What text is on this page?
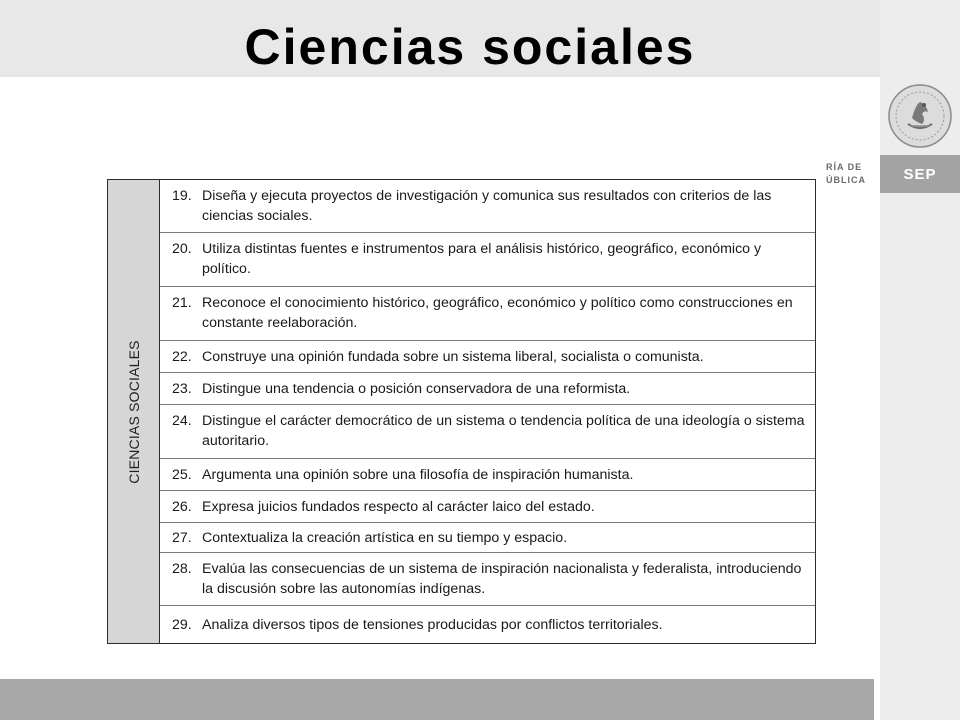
Ciencias sociales
RÍA DE
ÚBLICA	SEP
CIENCIAS SOCIALES
19. Diseña y ejecuta proyectos de investigación y comunica sus resultados con criterios de las ciencias sociales.
20. Utiliza distintas fuentes e instrumentos para el análisis histórico, geográfico, económico y político.
21. Reconoce el conocimiento histórico, geográfico, económico y político como construcciones en constante reelaboración.
22. Construye una opinión fundada sobre un sistema liberal, socialista o comunista.
23. Distingue una tendencia o posición conservadora de una reformista.
24. Distingue el carácter democrático de un sistema o tendencia política de una ideología o sistema autoritario.
25. Argumenta una opinión sobre una filosofía de inspiración humanista.
26. Expresa juicios fundados respecto al carácter laico del estado.
27. Contextualiza la creación artística en su tiempo y espacio.
28. Evalúa las consecuencias de un sistema de inspiración nacionalista y federalista, introduciendo la discusión sobre las autonomías indígenas.
29. Analiza diversos tipos de tensiones producidas por conflictos territoriales.
